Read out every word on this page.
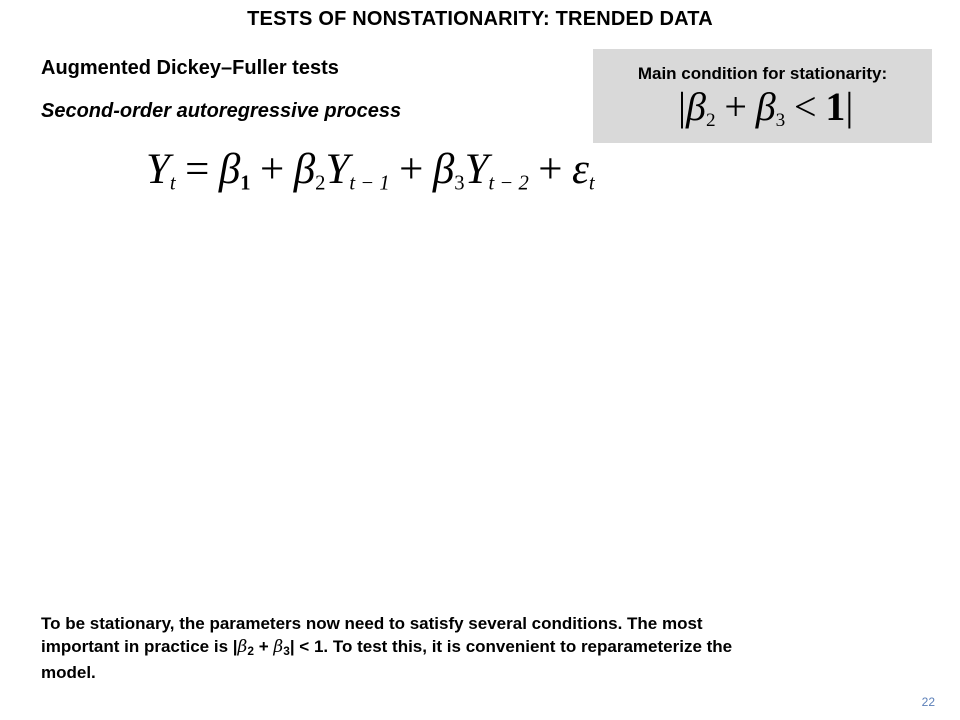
TESTS OF NONSTATIONARITY: TRENDED DATA
Augmented Dickey–Fuller tests
Second-order autoregressive process
Main condition for stationarity:
$|\beta_2 + \beta_3 < 1|$
$Y_t = \beta 1 + \beta_2Y_{t - 1} + \beta_3Y_{t - 2} + \varepsilon_t$
To be stationary, the parameters now need to satisfy several conditions. The most
important in practice is |β2 + β3| < 1. To test this, it is convenient to reparameterize the
model.
22
